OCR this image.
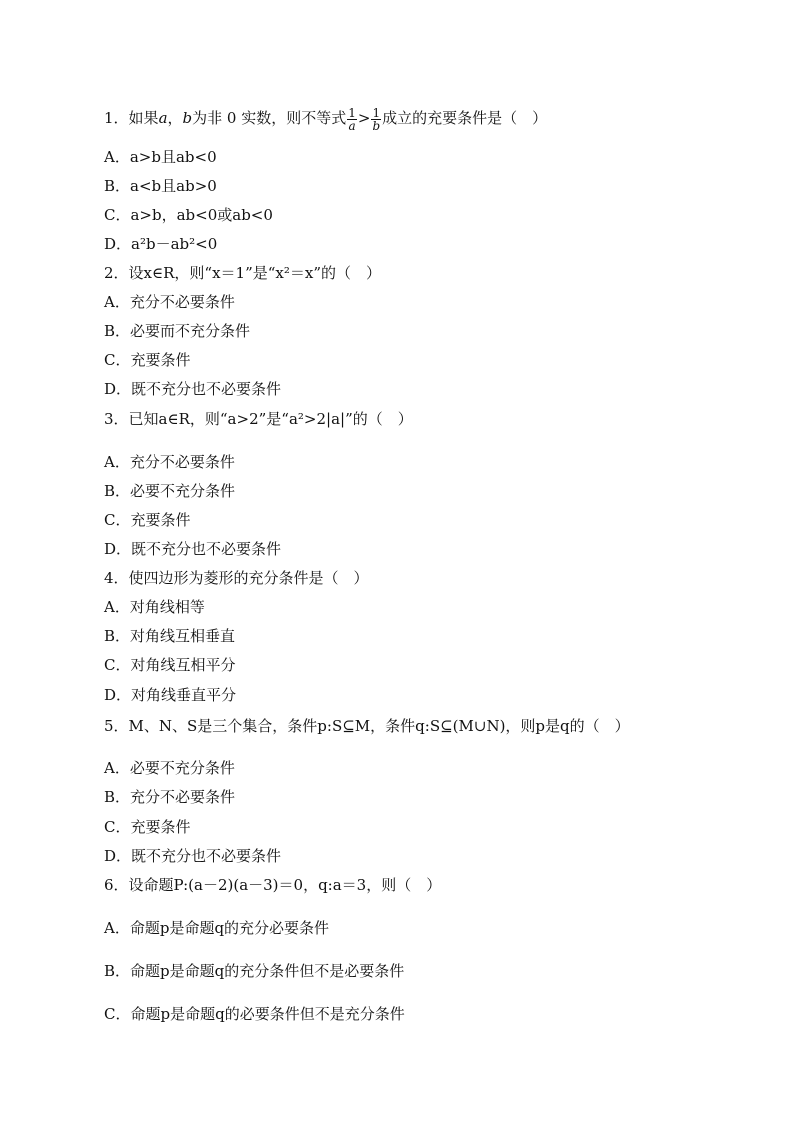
1．如果a，b为非 0 实数，则不等式 $\frac{1}{a} > \frac{1}{b}$ 成立的充要条件是（　）
A．a>b且ab<0
B．a<b且ab>0
C．a>b，ab<0或ab<0
D．a²b－ab²<0
2．设x∈R，则“x＝1”是“x²＝x”的（　）
A．充分不必要条件
B．必要而不充分条件
C．充要条件
D．既不充分也不必要条件
3．已知a∈R，则“a>2”是“a²>2|a|”的（　）
A．充分不必要条件
B．必要不充分条件
C．充要条件
D．既不充分也不必要条件
4．使四边形为菱形的充分条件是（　）
A．对角线相等
B．对角线互相垂直
C．对角线互相平分
D．对角线垂直平分
5．M、N、S是三个集合，条件p:S⊆M，条件q:S⊆(M∪N)，则p是q的（　）
A．必要不充分条件
B．充分不必要条件
C．充要条件
D．既不充分也不必要条件
6．设命题P:(a－2)(a－3)＝0，q:a＝3，则（　）
A．命题p是命题q的充分必要条件
B．命题p是命题q的充分条件但不是必要条件
C．命题p是命题q的必要条件但不是充分条件
